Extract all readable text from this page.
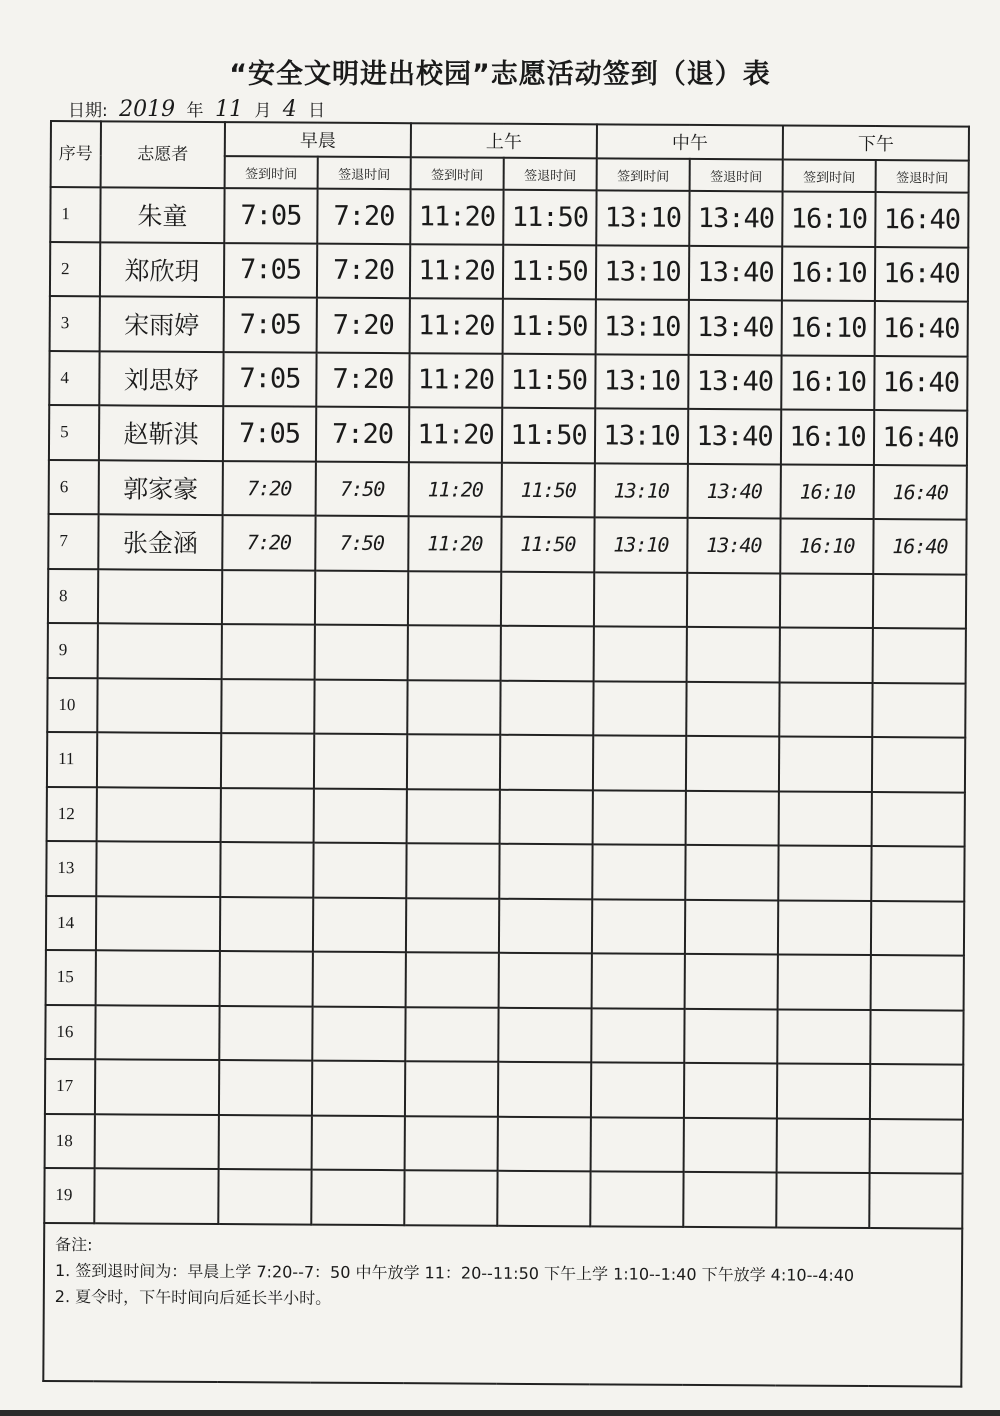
“安全文明进出校园”志愿活动签到（退）表
日期: 2019 年 11 月 4 日
序号	志愿者	早晨		上午		中午		下午	
		签到时间	签退时间	签到时间	签退时间	签到时间	签退时间	签到时间	签退时间
1	朱童	7:05	7:20	11:20	11:50	13:10	13:40	16:10	16:40
2	郑欣玥	7:05	7:20	11:20	11:50	13:10	13:40	16:10	16:40
3	宋雨婷	7:05	7:20	11:20	11:50	13:10	13:40	16:10	16:40
4	刘思妤	7:05	7:20	11:20	11:50	13:10	13:40	16:10	16:40
5	赵靳淇	7:05	7:20	11:20	11:50	13:10	13:40	16:10	16:40
6	郭家豪	7:20	7:50	11:20	11:50	13:10	13:40	16:10	16:40
7	张金涵	7:20	7:50	11:20	11:50	13:10	13:40	16:10	16:40
8									
9									
10									
11									
12									
13									
14									
15									
16									
17									
18									
19									

备注:
1. 签到退时间为：早晨上学 7:20--7：50 中午放学 11：20--11:50 下午上学 1:10--1:40 下午放学 4:10--4:40
2. 夏令时，下午时间向后延长半小时。									
